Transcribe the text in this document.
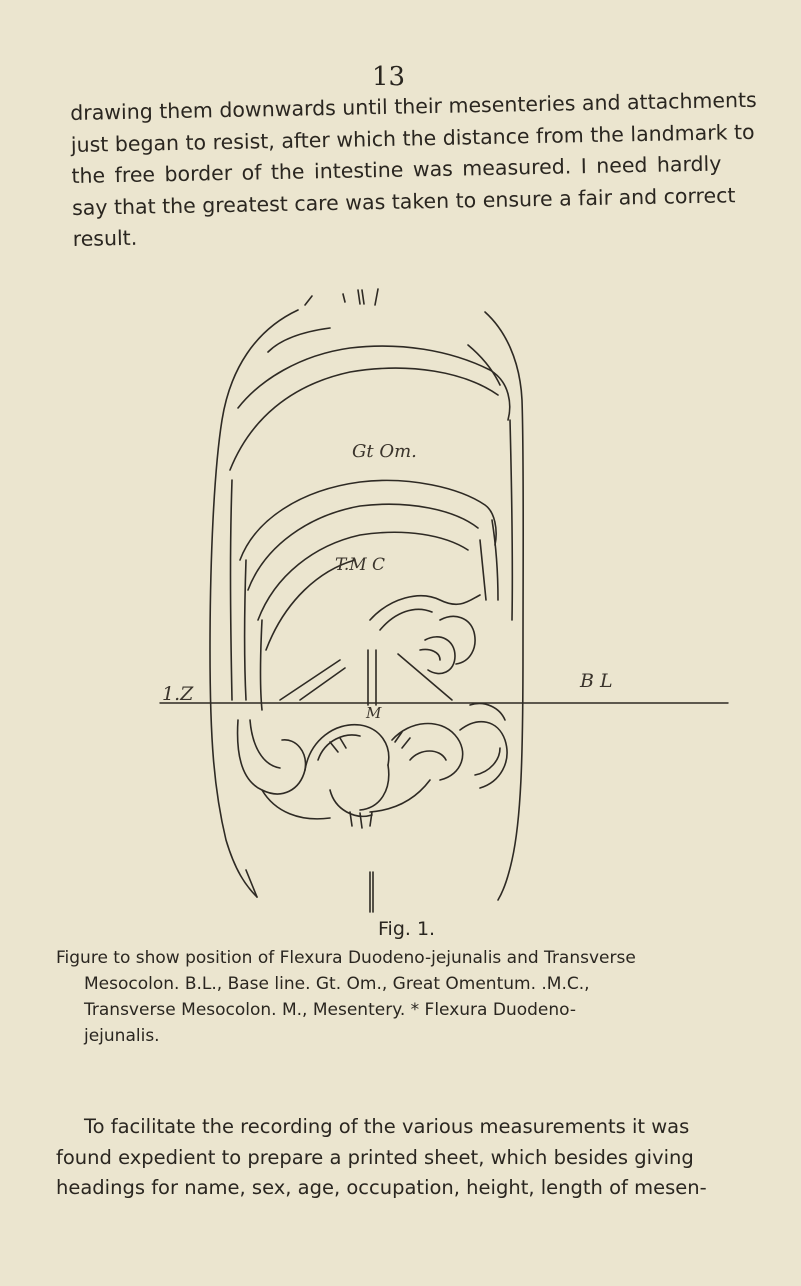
13
drawing them downwards until their mesenteries and attachments
just began to resist, after which the distance from the landmark to
the free border of the intestine was measured. I need hardly
say that the greatest care was taken to ensure a fair and correct
result.
Gt Om.
T.M C
M
1.Z
B L
Fig. 1.
Figure to show position of Flexura Duodeno-jejunalis and Transverse
Mesocolon. B.L., Base line. Gt. Om., Great Omentum. .M.C.,
Transverse Mesocolon. M., Mesentery. * Flexura Duodeno-
jejunalis.
To facilitate the recording of the various measurements it was
found expedient to prepare a printed sheet, which besides giving
headings for name, sex, age, occupation, height, length of mesen-
